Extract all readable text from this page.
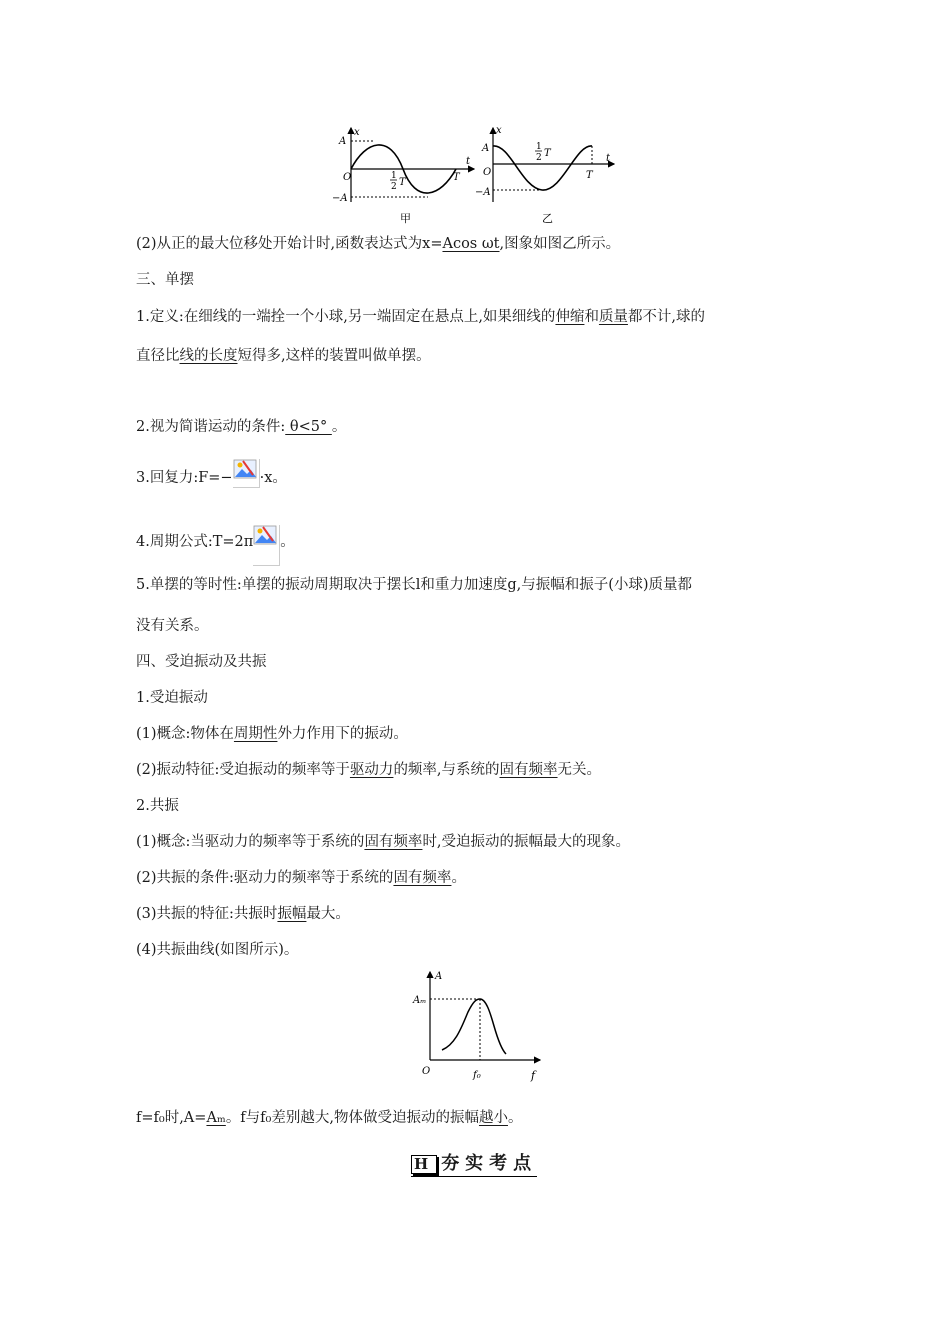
x
t
A
−A
O	T
1
2 T
甲
x
t
A
−A
O	T
1
2 T
乙
(2)从正的最大位移处开始计时,函数表达式为x=Acos ωt,图象如图乙所示。
三、单摆
1.定义:在细线的一端拴一个小球,另一端固定在悬点上,如果细线的伸缩和质量都不计,球的
直径比线的长度短得多,这样的装置叫做单摆。
2.视为简谐运动的条件: θ<5° 。
3.回复力:F=− ·x。
4.周期公式:T=2π 。
5.单摆的等时性:单摆的振动周期取决于摆长l和重力加速度g,与振幅和振子(小球)质量都
没有关系。
四、受迫振动及共振
1.受迫振动
(1)概念:物体在周期性外力作用下的振动。
(2)振动特征:受迫振动的频率等于驱动力的频率,与系统的固有频率无关。
2.共振
(1)概念:当驱动力的频率等于系统的固有频率时,受迫振动的振幅最大的现象。
(2)共振的条件:驱动力的频率等于系统的固有频率。
(3)共振的特征:共振时振幅最大。
(4)共振曲线(如图所示)。
A
f
Aₘ
O	f₀
f=f₀时,A=Aₘ。f与f₀差别越大,物体做受迫振动的振幅越小。
H 夯实考点
